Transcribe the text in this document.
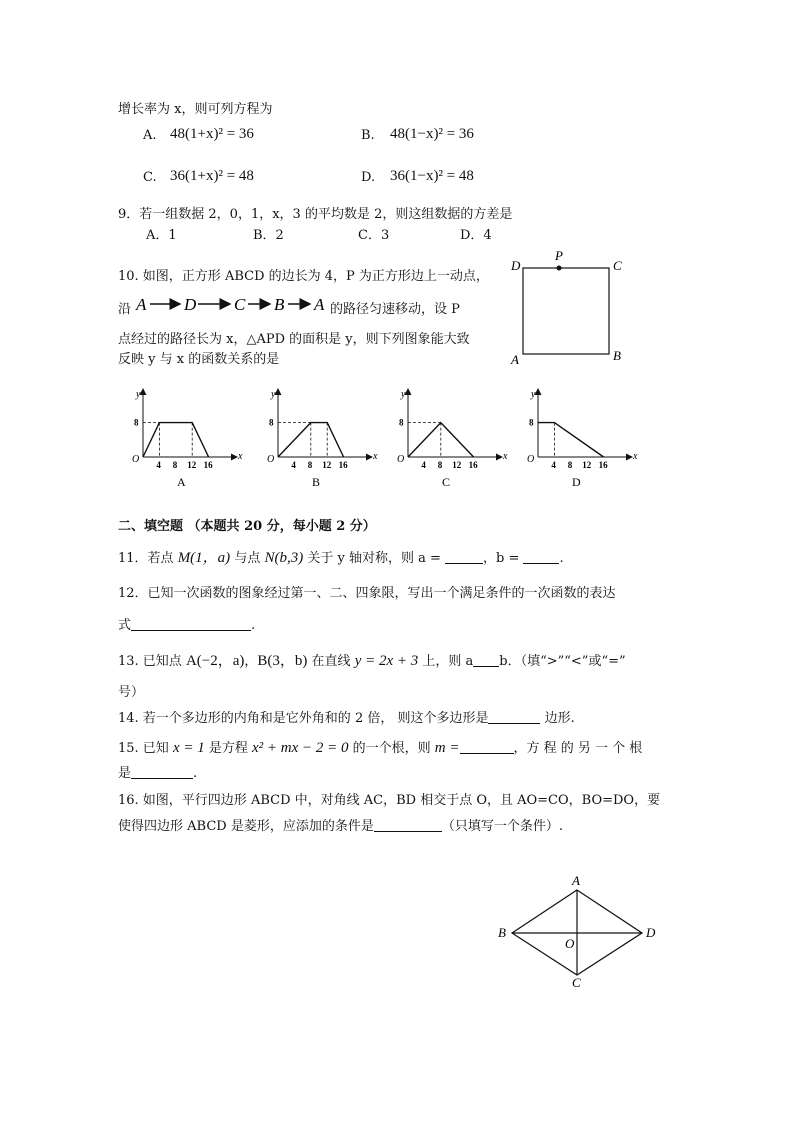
增长率为 x，则可列方程为
A. 48(1+x)² = 36	B. 48(1−x)² = 36
C. 36(1+x)² = 48	D. 36(1−x)² = 48
9．若一组数据 2，0，1，x，3 的平均数是 2，则这组数据的方差是
A．1	B．2	C．3	D．4
10. 如图，正方形 ABCD 的边长为 4，P 为正方形边上一动点，
沿 A D C B A 的路径匀速移动，设 P
点经过的路径长为 x，△APD 的面积是 y，则下列图象能大致
反映 y 与 x 的函数关系的是
P
D	C
A	B
y
x
O
8
4 8 12 16
A
y
x
O
8
4 8 12 16
B
y
x
O
8
4 8 12 16
C
y
x
O
8
4 8 12 16
D
二、填空题 （本题共 20 分，每小题 2 分）
11．若点 M(1，a) 与点 N(b,3) 关于 y 轴对称，则 a =	，b =	.
12．已知一次函数的图象经过第一、二、四象限，写出一个满足条件的一次函数的表达
式	.
13. 已知点 A(−2，a)，B(3，b) 在直线 y = 2x + 3 上，则 a b．（填“>”“<”或“=”
号）
14. 若一个多边形的内角和是它外角和的 2 倍， 则这个多边形是	边形.
15. 已知 x = 1 是方程 x² + mx − 2 = 0 的一个根，则 m =	，方 程 的 另 一 个 根
是	.
16. 如图，平行四边形 ABCD 中，对角线 AC，BD 相交于点 O，且 AO=CO，BO=DO，要
使得四边形 ABCD 是菱形，应添加的条件是	（只填写一个条件）.
A
B	D
C
O
